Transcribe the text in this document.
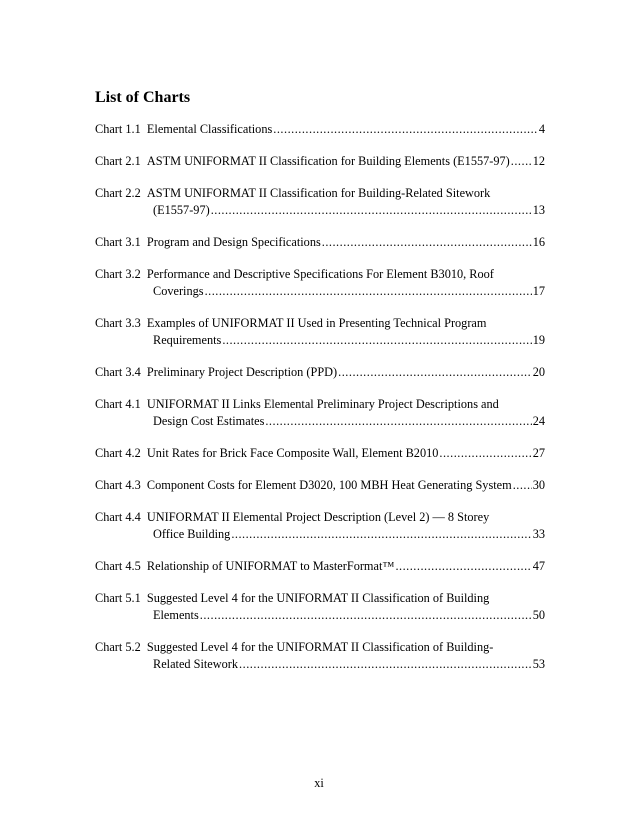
List of Charts
Chart 1.1
Elemental Classifications .....	4
Chart 2.1
ASTM UNIFORMAT II Classification for Building Elements (E1557-97) ..... 12
Chart 2.2
ASTM UNIFORMAT II Classification for Building-Related Sitework
(E1557-97) .....	13
Chart 3.1
Program and Design Specifications .....	16
Chart 3.2
Performance and Descriptive Specifications For Element B3010, Roof
Coverings .....	17
Chart 3.3
Examples of UNIFORMAT II Used in Presenting Technical Program
Requirements .....	19
Chart 3.4
Preliminary Project Description (PPD) .....	20
Chart 4.1
UNIFORMAT II Links Elemental Preliminary Project Descriptions and
Design Cost Estimates .....	24
Chart 4.2
Unit Rates for Brick Face Composite Wall, Element B2010 .....	27
Chart 4.3
Component Costs for Element D3020, 100 MBH Heat Generating System ..... 30
Chart 4.4
UNIFORMAT II Elemental Project Description (Level 2) — 8 Storey
Office Building .....	33
Chart 4.5
Relationship of UNIFORMAT to MasterFormat™ .....	47
Chart 5.1
Suggested Level 4 for the UNIFORMAT II Classification of Building
Elements .....	50
Chart 5.2
Suggested Level 4 for the UNIFORMAT II Classification of Building-
Related Sitework .....	53
xi
